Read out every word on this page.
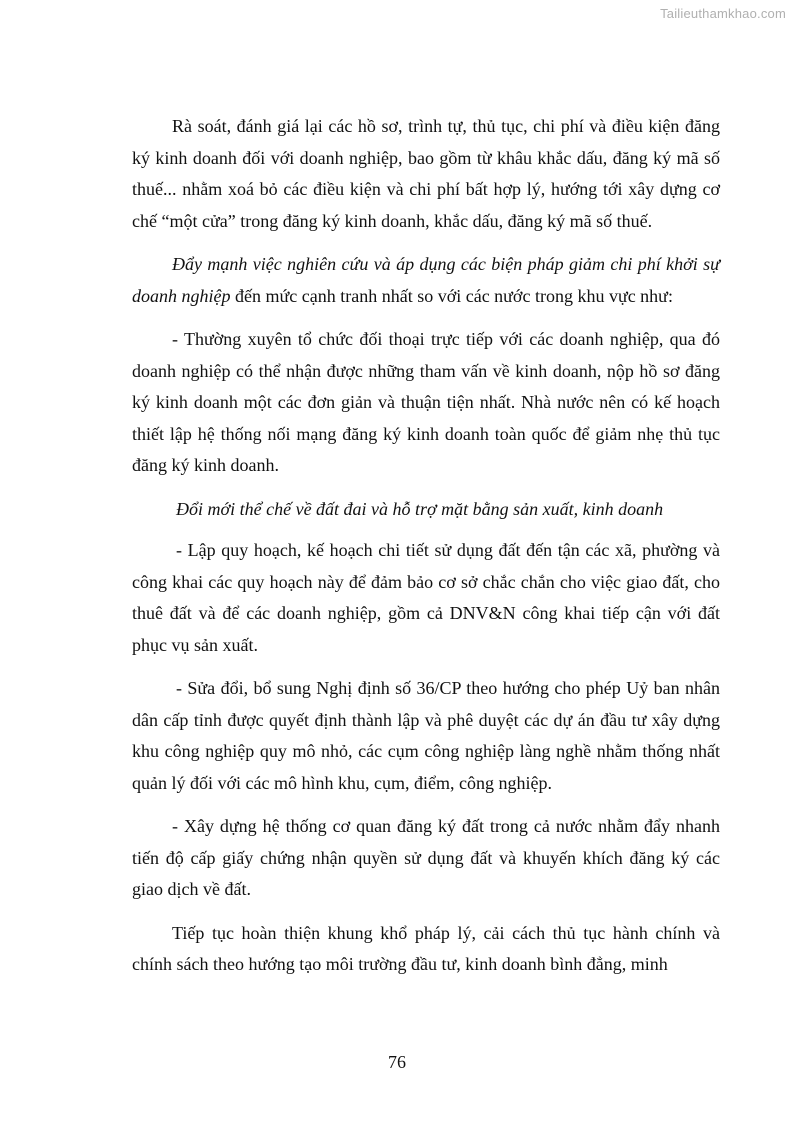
Tailieuthamkhao.com

Rà soát, đánh giá lại các hồ sơ, trình tự, thủ tục, chi phí và điều kiện đăng ký kinh doanh đối với doanh nghiệp, bao gồm từ khâu khắc dấu, đăng ký mã số thuế... nhằm xoá bỏ các điều kiện và chi phí bất hợp lý, hướng tới xây dựng cơ chế “một cửa” trong đăng ký kinh doanh, khắc dấu, đăng ký mã số thuế.

Đẩy mạnh việc nghiên cứu và áp dụng các biện pháp giảm chi phí khởi sự doanh nghiệp đến mức cạnh tranh nhất so với các nước trong khu vực như:

- Thường xuyên tổ chức đối thoại trực tiếp với các doanh nghiệp, qua đó doanh nghiệp có thể nhận được những tham vấn về kinh doanh, nộp hồ sơ đăng ký kinh doanh một các đơn giản và thuận tiện nhất. Nhà nước nên có kế hoạch thiết lập hệ thống nối mạng đăng ký kinh doanh toàn quốc để giảm nhẹ thủ tục đăng ký kinh doanh.

Đổi mới thể chế về đất đai và hỗ trợ mặt bằng sản xuất, kinh doanh

- Lập quy hoạch, kế hoạch chi tiết sử dụng đất đến tận các xã, phường và công khai các quy hoạch này để đảm bảo cơ sở chắc chắn cho việc giao đất, cho thuê đất và để các doanh nghiệp, gồm cả DNV&N công khai tiếp cận với đất phục vụ sản xuất.

- Sửa đổi, bổ sung Nghị định số 36/CP theo hướng cho phép Uỷ ban nhân dân cấp tỉnh được quyết định thành lập và phê duyệt các dự án đầu tư xây dựng khu công nghiệp quy mô nhỏ, các cụm công nghiệp làng nghề nhằm thống nhất quản lý đối với các mô hình khu, cụm, điểm, công nghiệp.

- Xây dựng hệ thống cơ quan đăng ký đất trong cả nước nhằm đẩy nhanh tiến độ cấp giấy chứng nhận quyền sử dụng đất và khuyến khích đăng ký các giao dịch về đất.

Tiếp tục hoàn thiện khung khổ pháp lý, cải cách thủ tục hành chính và chính sách theo hướng tạo môi trường đầu tư, kinh doanh bình đẳng, minh

76
